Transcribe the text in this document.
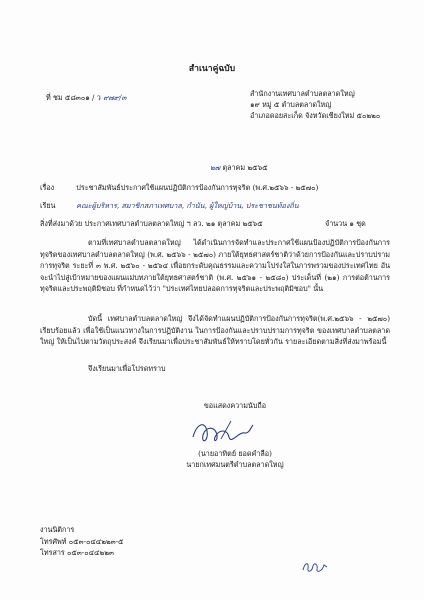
สำเนาคู่ฉบับ
ที่ ชม ๕๘๓๐๑ / ว ๙๗๙/๓	สำนักงานเทศบาลตำบลตลาดใหญ่
๑๙ หมู่ ๕ ตำบลตลาดใหญ่
อำเภอดอยสะเก็ด จังหวัดเชียงใหม่ ๕๐๒๒๐
๒๗ ตุลาคม ๒๕๖๕
เรื่อง	ประชาสัมพันธ์ประกาศใช้แผนปฏิบัติการป้องกันการทุจริต (พ.ศ.๒๕๖๖ - ๒๕๗๐)
เรียน	คณะผู้บริหาร, สมาชิกสภาเทศบาล, กำนัน, ผู้ใหญ่บ้าน, ประชาชนท้องถิ่น
สิ่งที่ส่งมาด้วย ประกาศเทศบาลตำบลตลาดใหญ่ ฯ ลว. ๒๑ ตุลาคม ๒๕๖๕	จำนวน ๑ ชุด
ตามที่เทศบาลตำบลตลาดใหญ่ ได้ดำเนินการจัดทำและประกาศใช้แผนป้องปฏิบัติการป้องกันการทุจริตของเทศบาลตำบลตลาดใหญ่ (พ.ศ. ๒๕๖๖ - ๒๕๗๐) ภายใต้ยุทธศาสตร์ชาติว่าด้วยการป้องกันและปราบปรามการทุจริต ระยะที่ ๓ พ.ศ. ๒๕๖๐ - ๒๕๖๔ เพื่อยกระดับคุณธรรมและความโปร่งใสในการพรวมของประเทศไทย อันจะนำไปสู่เป้าหมายของแผนแม่บทภายใต้ยุทธศาสตร์ชาติ (พ.ศ. ๒๕๖๑ - ๒๕๘๐) ประเด็นที่ (๒๑) การต่อต้านการทุจริตและประพฤติมิชอบ ที่กำหนดไว้ว่า "ประเทศไทยปลอดการทุจริตและประพฤติมิชอบ" นั้น
บัดนี้ เทศบาลตำบลตลาดใหญ่ จึงได้จัดทำแผนปฏิบัติการป้องกันการทุจริต(พ.ศ.๒๕๖๖ - ๒๕๗๐) เรียบร้อยแล้ว เพื่อใช้เป็นแนวทางในการปฏิบัติงาน ในการป้องกันและปราบปรามการทุจริต ของเทศบาลตำบลตลาดใหญ่ ให้เป็นไปตามวัตถุประสงค์ จึงเรียนมาเพื่อประชาสัมพันธ์ให้ทราบโดยทั่วกัน รายละเอียดตามสิ่งที่ส่งมาพร้อมนี้
จึงเรียนมาเพื่อโปรดทราบ
ขอแสดงความนับถือ
(นายอาทิตย์ ยอดคำลือ)
นายกเทศมนตรีตำบลตลาดใหญ่
งานนิติการ
โทรศัพท์ ๐๕๓-๐๔๔๒๒๓-๕
โทรสาร ๐๕๓-๐๔๔๒๒๓
